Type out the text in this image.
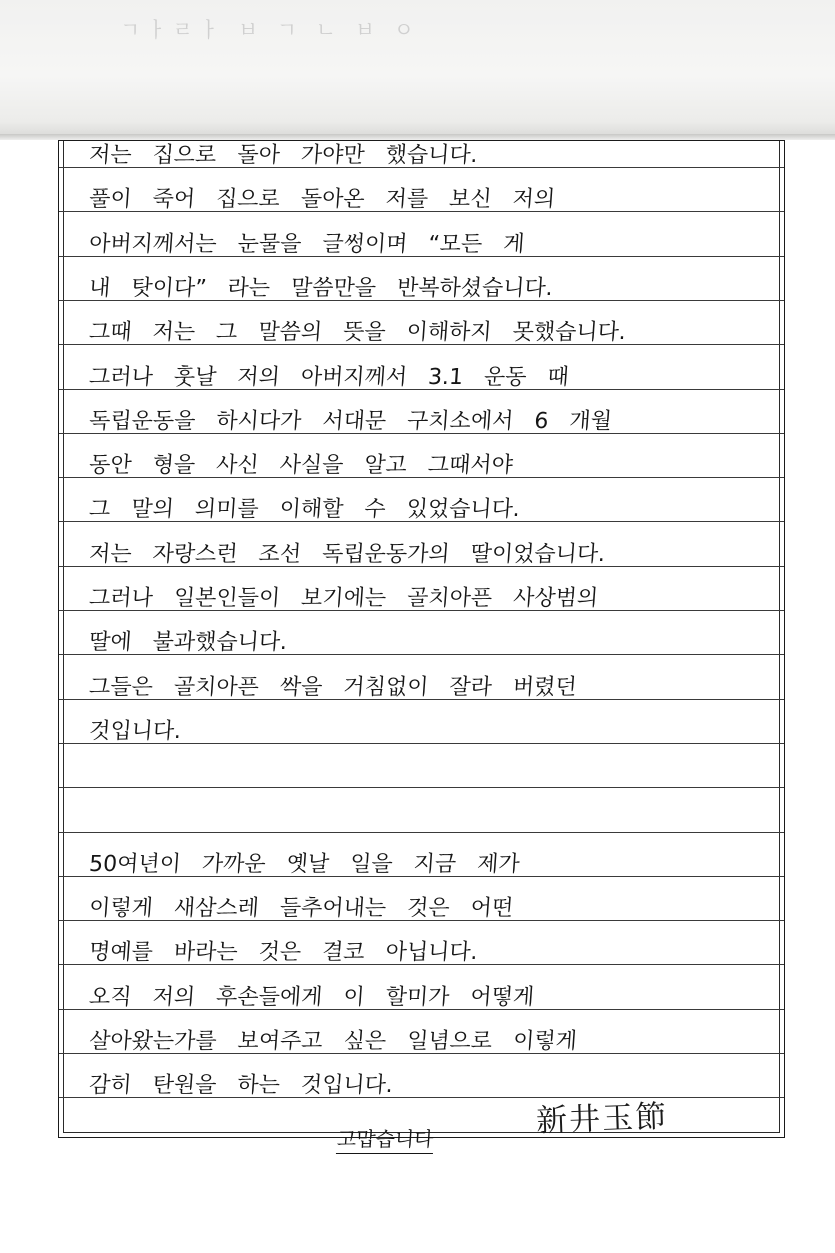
ㄱㅏㄹㅏ ㅂ ㄱ ㄴ ㅂ ㅇ
저는 집으로 돌아 가야만 했습니다.
풀이 죽어 집으로 돌아온 저를 보신 저의
아버지께서는 눈물을 글썽이며 “모든 게
내 탓이다” 라는 말씀만을 반복하셨습니다.
그때 저는 그 말씀의 뜻을 이해하지 못했습니다.
그러나 훗날 저의 아버지께서 3.1 운동 때
독립운동을 하시다가 서대문 구치소에서 6 개월
동안 형을 사신 사실을 알고 그때서야
그 말의 의미를 이해할 수 있었습니다.
저는 자랑스런 조선 독립운동가의 딸이었습니다.
그러나 일본인들이 보기에는 골치아픈 사상범의
딸에 불과했습니다.
그들은 골치아픈 싹을 거침없이 잘라 버렸던
것입니다.
50여년이 가까운 옛날 일을 지금 제가
이렇게 새삼스레 들추어내는 것은 어떤
명예를 바라는 것은 결코 아닙니다.
오직 저의 후손들에게 이 할미가 어떻게
살아왔는가를 보여주고 싶은 일념으로 이렇게
감히 탄원을 하는 것입니다.
고맙습니다	新井玉節
